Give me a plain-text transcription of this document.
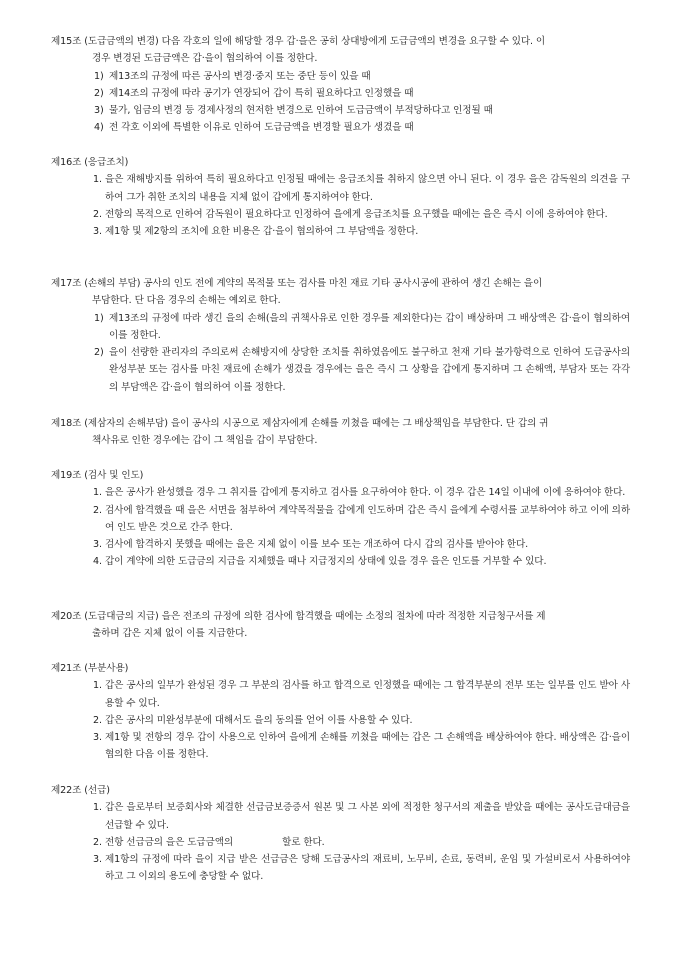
제15조 (도급금액의 변경) 다음 각호의 일에 해당할 경우 갑·을은 공히 상대방에게 도급금액의 변경을 요구할 수 있다. 이
경우 변경된 도급금액은 갑·을이 협의하여 이를 정한다.
1) 제13조의 규정에 따른 공사의 변경·중지 또는 중단 등이 있을 때
2) 제14조의 규정에 따라 공기가 연장되어 갑이 특히 필요하다고 인정했을 때
3) 물가, 임금의 변경 등 경제사정의 현저한 변경으로 인하여 도급금액이 부적당하다고 인정될 때
4) 전 각호 이외에 특별한 이유로 인하여 도급금액을 변경할 필요가 생겼을 때
제16조 (응급조치)
1. 을은 재해방지를 위하여 특히 필요하다고 인정될 때에는 응급조치를 취하지 않으면 아니 된다. 이 경우 을은 감독원의 의견을 구하여 그가 취한 조치의 내용을 지체 없이 갑에게 통지하여야 한다.
2. 전항의 목적으로 인하여 감독원이 필요하다고 인정하여 을에게 응급조치를 요구했을 때에는 을은 즉시 이에 응하여야 한다.
3. 제1항 및 제2항의 조치에 요한 비용은 갑·을이 협의하여 그 부담액을 정한다.
제17조 (손해의 부담) 공사의 인도 전에 계약의 목적물 또는 검사를 마친 재료 기타 공사시공에 관하여 생긴 손해는 을이
부담한다. 단 다음 경우의 손해는 예외로 한다.
1) 제13조의 규정에 따라 생긴 을의 손해(을의 귀책사유로 인한 경우를 제외한다)는 갑이 배상하며 그 배상액은 갑·을이 협의하여 이를 정한다.
2) 을이 선량한 관리자의 주의로써 손해방지에 상당한 조치를 취하였음에도 불구하고 천재 기타 불가항력으로 인하여 도급공사의 완성부분 또는 검사를 마친 재료에 손해가 생겼을 경우에는 을은 즉시 그 상황을 갑에게 통지하며 그 손해액, 부담자 또는 각각의 부담액은 갑·을이 협의하여 이를 정한다.
제18조 (제삼자의 손해부담) 을이 공사의 시공으로 제삼자에게 손해를 끼쳤을 때에는 그 배상책임을 부담한다. 단 갑의 귀
책사유로 인한 경우에는 갑이 그 책임을 갑이 부담한다.
제19조 (검사 및 인도)
1. 을은 공사가 완성했을 경우 그 취지를 갑에게 통지하고 검사를 요구하여야 한다. 이 경우 갑은 14일 이내에 이에 응하여야 한다.
2. 검사에 합격했을 때 을은 서면을 첨부하여 계약목적물을 갑에게 인도하며 갑은 즉시 을에게 수령서를 교부하여야 하고 이에 의하여 인도 받은 것으로 간주 한다.
3. 검사에 합격하지 못했을 때에는 을은 지체 없이 이를 보수 또는 개조하여 다시 갑의 검사를 받아야 한다.
4. 갑이 계약에 의한 도급금의 지급을 지체했을 때나 지급정지의 상태에 있을 경우 을은 인도를 거부할 수 있다.
제20조 (도급대금의 지급) 을은 전조의 규정에 의한 검사에 합격했을 때에는 소정의 절차에 따라 적정한 지급청구서를 제
출하며 갑은 지체 없이 이를 지급한다.
제21조 (부분사용)
1. 갑은 공사의 일부가 완성된 경우 그 부분의 검사를 하고 합격으로 인정했을 때에는 그 합격부분의 전부 또는 일부를 인도 받아 사용할 수 있다.
2. 갑은 공사의 미완성부분에 대해서도 을의 동의를 얻어 이를 사용할 수 있다.
3. 제1항 및 전항의 경우 갑이 사용으로 인하여 을에게 손해를 끼쳤을 때에는 갑은 그 손해액을 배상하여야 한다. 배상액은 갑·을이 협의한 다음 이를 정한다.
제22조 (선급)
1. 갑은 을로부터 보증회사와 체결한 선급금보증증서 원본 및 그 사본 외에 적정한 청구서의 제출을 받았을 때에는 공사도급대금을 선급할 수 있다.
2. 전항 선급금의 을은 도급금액의	할로 한다.
3. 제1항의 규정에 따라 을이 지급 받은 선급금은 당해 도급공사의 재료비, 노무비, 손료, 동력비, 운임 및 가설비로서 사용하여야 하고 그 이외의 용도에 충당할 수 없다.
